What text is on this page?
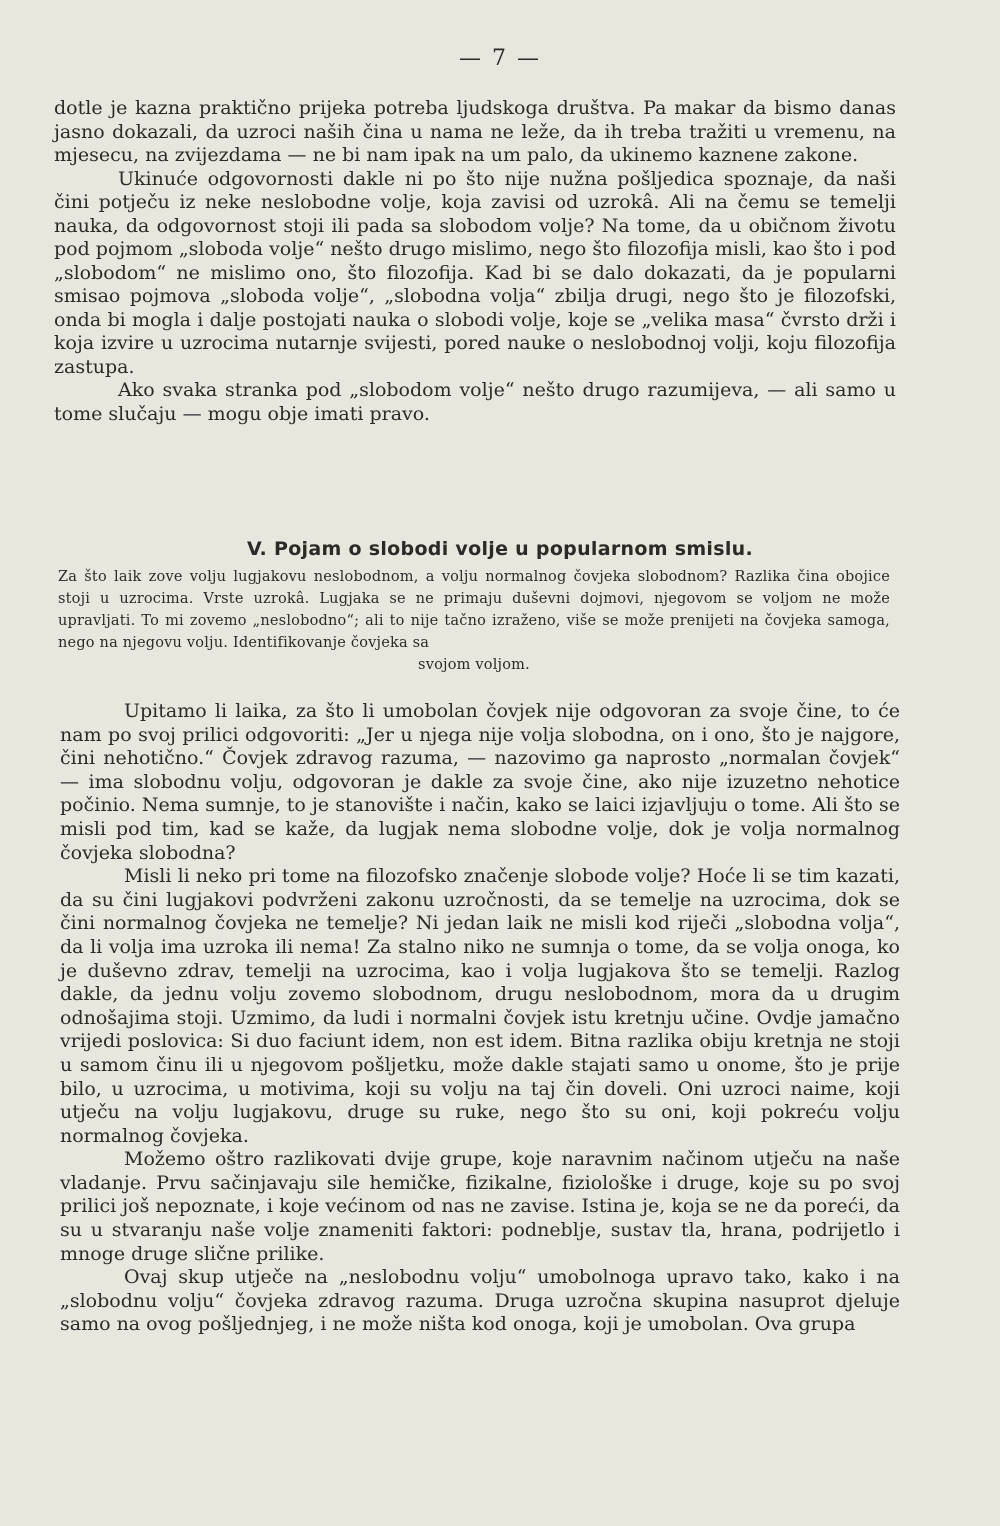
— 7 —

dotle je kazna praktično prijeka potreba ljudskoga društva. Pa makar da bismo danas jasno dokazali, da uzroci naših čina u nama ne leže, da ih treba tražiti u vremenu, na mjesecu, na zvijezdama — ne bi nam ipak na um palo, da ukinemo kaznene zakone.

Ukinuće odgovornosti dakle ni po što nije nužna pošljedica spoznaje, da naši čini potječu iz neke neslobodne volje, koja zavisi od uzrokâ. Ali na čemu se temelji nauka, da odgovornost stoji ili pada sa slobodom volje? Na tome, da u običnom životu pod pojmom „sloboda volje“ nešto drugo mislimo, nego što filozofija misli, kao što i pod „slobodom“ ne mislimo ono, što filozofija. Kad bi se dalo dokazati, da je popularni smisao pojmova „sloboda volje“, „slobodna volja“ zbilja drugi, nego što je filozofski, onda bi mogla i dalje postojati nauka o slobodi volje, koje se „velika masa“ čvrsto drži i koja izvire u uzrocima nutarnje svijesti, pored nauke o neslobodnoj volji, koju filozofija zastupa.

Ako svaka stranka pod „slobodom volje“ nešto drugo razumijeva, — ali samo u tome slučaju — mogu obje imati pravo.

V. Pojam o slobodi volje u popularnom smislu.

Za što laik zove volju lugjakovu neslobodnom, a volju normalnog čovjeka slobodnom? Razlika čina obojice stoji u uzrocima. Vrste uzrokâ. Lugjaka se ne primaju duševni dojmovi, njegovom se voljom ne može upravljati. To mi zovemo „neslobodno“; ali to nije tačno izraženo, više se može prenijeti na čovjeka samoga, nego na njegovu volju. Identifikovanje čovjeka sa

svojom voljom.

Upitamo li laika, za što li umobolan čovjek nije odgovoran za svoje čine, to će nam po svoj prilici odgovoriti: „Jer u njega nije volja slobodna, on i ono, što je najgore, čini nehotično.“ Čovjek zdravog razuma, — nazovimo ga naprosto „normalan čovjek“ — ima slobodnu volju, odgovoran je dakle za svoje čine, ako nije izuzetno nehotice počinio. Nema sumnje, to je stanovište i način, kako se laici izjavljuju o tome. Ali što se misli pod tim, kad se kaže, da lugjak nema slobodne volje, dok je volja normalnog čovjeka slobodna?

Misli li neko pri tome na filozofsko značenje slobode volje? Hoće li se tim kazati, da su čini lugjakovi podvrženi zakonu uzročnosti, da se temelje na uzrocima, dok se čini normalnog čovjeka ne temelje? Ni jedan laik ne misli kod riječi „slobodna volja“, da li volja ima uzroka ili nema! Za stalno niko ne sumnja o tome, da se volja onoga, ko je duševno zdrav, temelji na uzrocima, kao i volja lugjakova što se temelji. Razlog dakle, da jednu volju zovemo slobodnom, drugu neslobodnom, mora da u drugim odnošajima stoji. Uzmimo, da ludi i normalni čovjek istu kretnju učine. Ovdje jamačno vrijedi poslovica: Si duo faciunt idem, non est idem. Bitna razlika obiju kretnja ne stoji u samom činu ili u njegovom pošljetku, može dakle stajati samo u onome, što je prije bilo, u uzrocima, u motivima, koji su volju na taj čin doveli. Oni uzroci naime, koji utječu na volju lugjakovu, druge su ruke, nego što su oni, koji pokreću volju normalnog čovjeka.

Možemo oštro razlikovati dvije grupe, koje naravnim načinom utječu na naše vladanje. Prvu sačinjavaju sile hemičke, fizikalne, fiziološke i druge, koje su po svoj prilici još nepoznate, i koje većinom od nas ne zavise. Istina je, koja se ne da poreći, da su u stvaranju naše volje znameniti faktori: podneblje, sustav tla, hrana, podrijetlo i mnoge druge slične prilike.

Ovaj skup utječe na „neslobodnu volju“ umobolnoga upravo tako, kako i na „slobodnu volju“ čovjeka zdravog razuma. Druga uzročna skupina nasuprot djeluje samo na ovog pošljednjeg, i ne može ništa kod onoga, koji je umobolan. Ova grupa
